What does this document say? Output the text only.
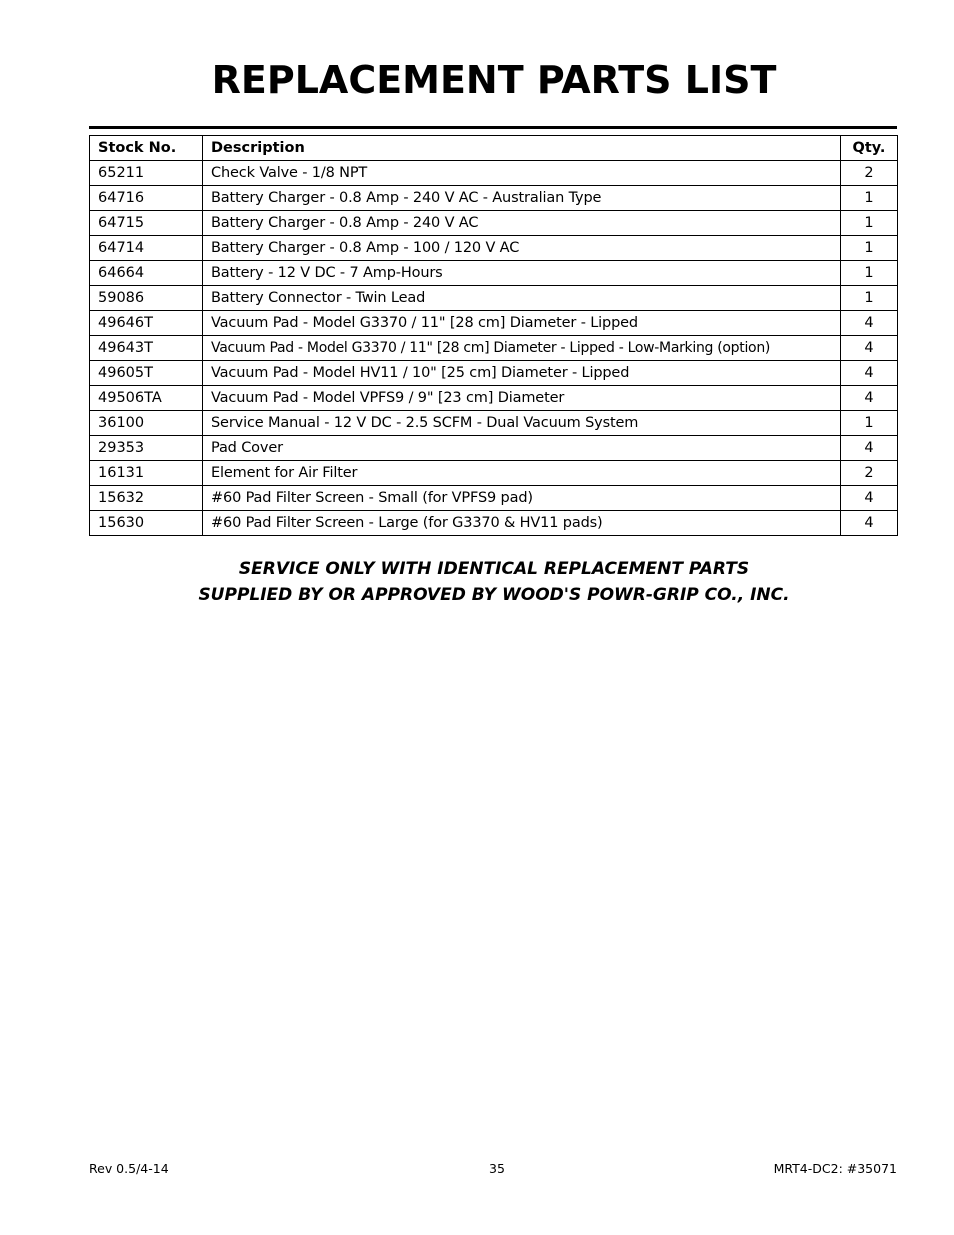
REPLACEMENT PARTS LIST
Stock No.	Description	Qty.
65211	Check Valve - 1/8 NPT	2
64716	Battery Charger - 0.8 Amp - 240 V AC - Australian Type	1
64715	Battery Charger - 0.8 Amp - 240 V AC	1
64714	Battery Charger - 0.8 Amp - 100 / 120 V AC	1
64664	Battery - 12 V DC - 7 Amp-Hours	1
59086	Battery Connector - Twin Lead	1
49646T	Vacuum Pad - Model G3370 / 11" [28 cm] Diameter - Lipped	4
49643T	Vacuum Pad - Model G3370 / 11" [28 cm] Diameter - Lipped - Low-Marking (option)	4
49605T	Vacuum Pad - Model HV11 / 10" [25 cm] Diameter - Lipped	4
49506TA	Vacuum Pad - Model VPFS9 / 9" [23 cm] Diameter	4
36100	Service Manual - 12 V DC - 2.5 SCFM - Dual Vacuum System	1
29353	Pad Cover	4
16131	Element for Air Filter	2
15632	#60 Pad Filter Screen - Small (for VPFS9 pad)	4
15630	#60 Pad Filter Screen - Large (for G3370 & HV11 pads)	4
SERVICE ONLY WITH IDENTICAL REPLACEMENT PARTS
SUPPLIED BY OR APPROVED BY WOOD'S POWR-GRIP CO., INC.
Rev 0.5/4-14	35	MRT4-DC2: #35071
